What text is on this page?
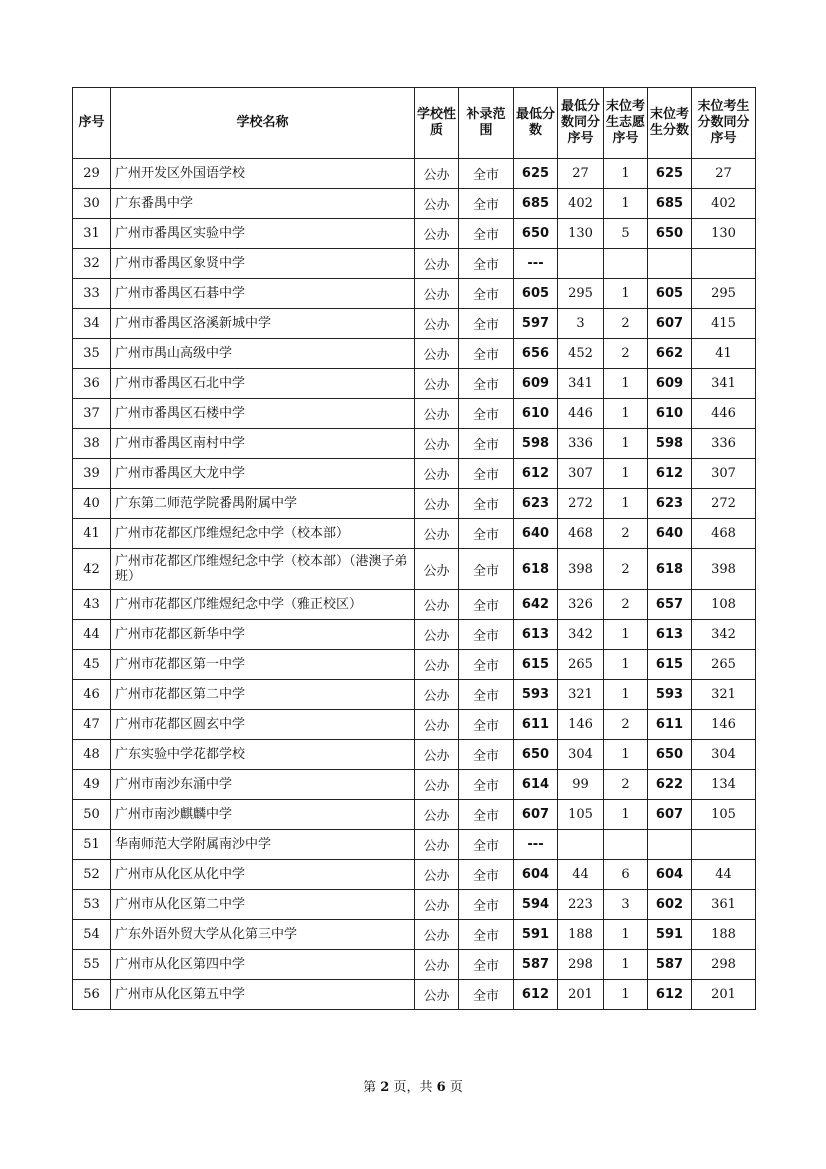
序号	学校名称	学校性质	补录范围	最低分数	最低分数同分序号	末位考生志愿序号	末位考生分数	末位考生分数同分序号
29	广州开发区外国语学校	公办	全市	625	27	1	625	27
30	广东番禺中学	公办	全市	685	402	1	685	402
31	广州市番禺区实验中学	公办	全市	650	130	5	650	130
32	广州市番禺区象贤中学	公办	全市	---				
33	广州市番禺区石碁中学	公办	全市	605	295	1	605	295
34	广州市番禺区洛溪新城中学	公办	全市	597	3	2	607	415
35	广州市禺山高级中学	公办	全市	656	452	2	662	41
36	广州市番禺区石北中学	公办	全市	609	341	1	609	341
37	广州市番禺区石楼中学	公办	全市	610	446	1	610	446
38	广州市番禺区南村中学	公办	全市	598	336	1	598	336
39	广州市番禺区大龙中学	公办	全市	612	307	1	612	307
40	广东第二师范学院番禺附属中学	公办	全市	623	272	1	623	272
41	广州市花都区邝维煜纪念中学（校本部）	公办	全市	640	468	2	640	468
42	广州市花都区邝维煜纪念中学（校本部）（港澳子弟班）	公办	全市	618	398	2	618	398
43	广州市花都区邝维煜纪念中学（雅正校区）	公办	全市	642	326	2	657	108
44	广州市花都区新华中学	公办	全市	613	342	1	613	342
45	广州市花都区第一中学	公办	全市	615	265	1	615	265
46	广州市花都区第二中学	公办	全市	593	321	1	593	321
47	广州市花都区圆玄中学	公办	全市	611	146	2	611	146
48	广东实验中学花都学校	公办	全市	650	304	1	650	304
49	广州市南沙东涌中学	公办	全市	614	99	2	622	134
50	广州市南沙麒麟中学	公办	全市	607	105	1	607	105
51	华南师范大学附属南沙中学	公办	全市	---				
52	广州市从化区从化中学	公办	全市	604	44	6	604	44
53	广州市从化区第二中学	公办	全市	594	223	3	602	361
54	广东外语外贸大学从化第三中学	公办	全市	591	188	1	591	188
55	广州市从化区第四中学	公办	全市	587	298	1	587	298
56	广州市从化区第五中学	公办	全市	612	201	1	612	201
第 2 页，共 6 页
